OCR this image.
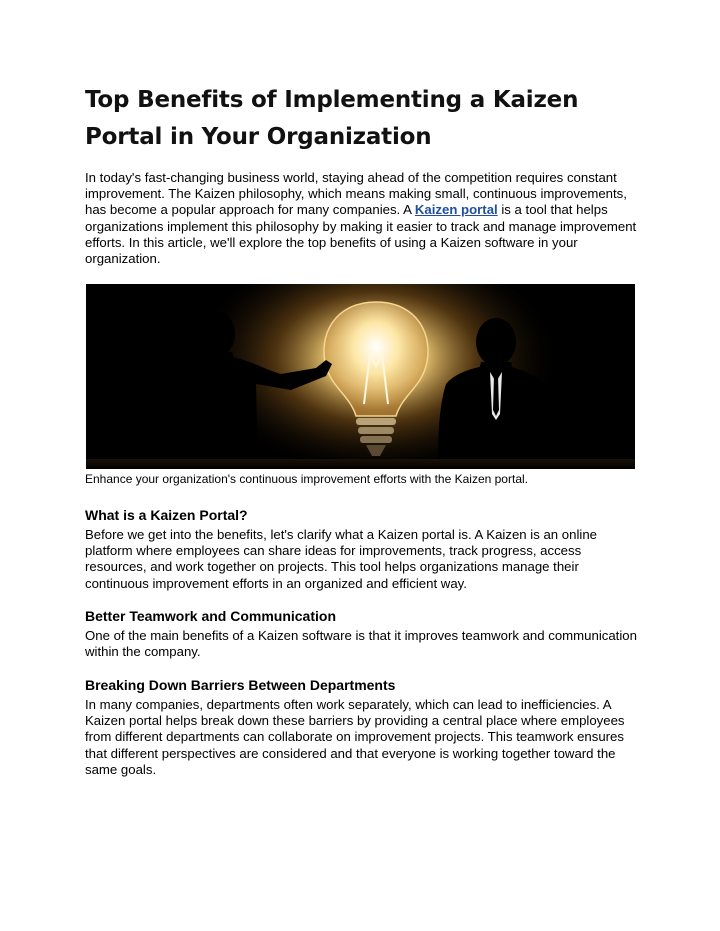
Top Benefits of Implementing a Kaizen Portal in Your Organization

In today's fast-changing business world, staying ahead of the competition requires constant improvement. The Kaizen philosophy, which means making small, continuous improvements, has become a popular approach for many companies. A Kaizen portal is a tool that helps organizations implement this philosophy by making it easier to track and manage improvement efforts. In this article, we'll explore the top benefits of using a Kaizen software in your organization.

Enhance your organization's continuous improvement efforts with the Kaizen portal.

What is a Kaizen Portal?

Before we get into the benefits, let's clarify what a Kaizen portal is. A Kaizen is an online platform where employees can share ideas for improvements, track progress, access resources, and work together on projects. This tool helps organizations manage their continuous improvement efforts in an organized and efficient way.

Better Teamwork and Communication

One of the main benefits of a Kaizen software is that it improves teamwork and communication within the company.

Breaking Down Barriers Between Departments

In many companies, departments often work separately, which can lead to inefficiencies. A Kaizen portal helps break down these barriers by providing a central place where employees from different departments can collaborate on improvement projects. This teamwork ensures that different perspectives are considered and that everyone is working together toward the same goals.
